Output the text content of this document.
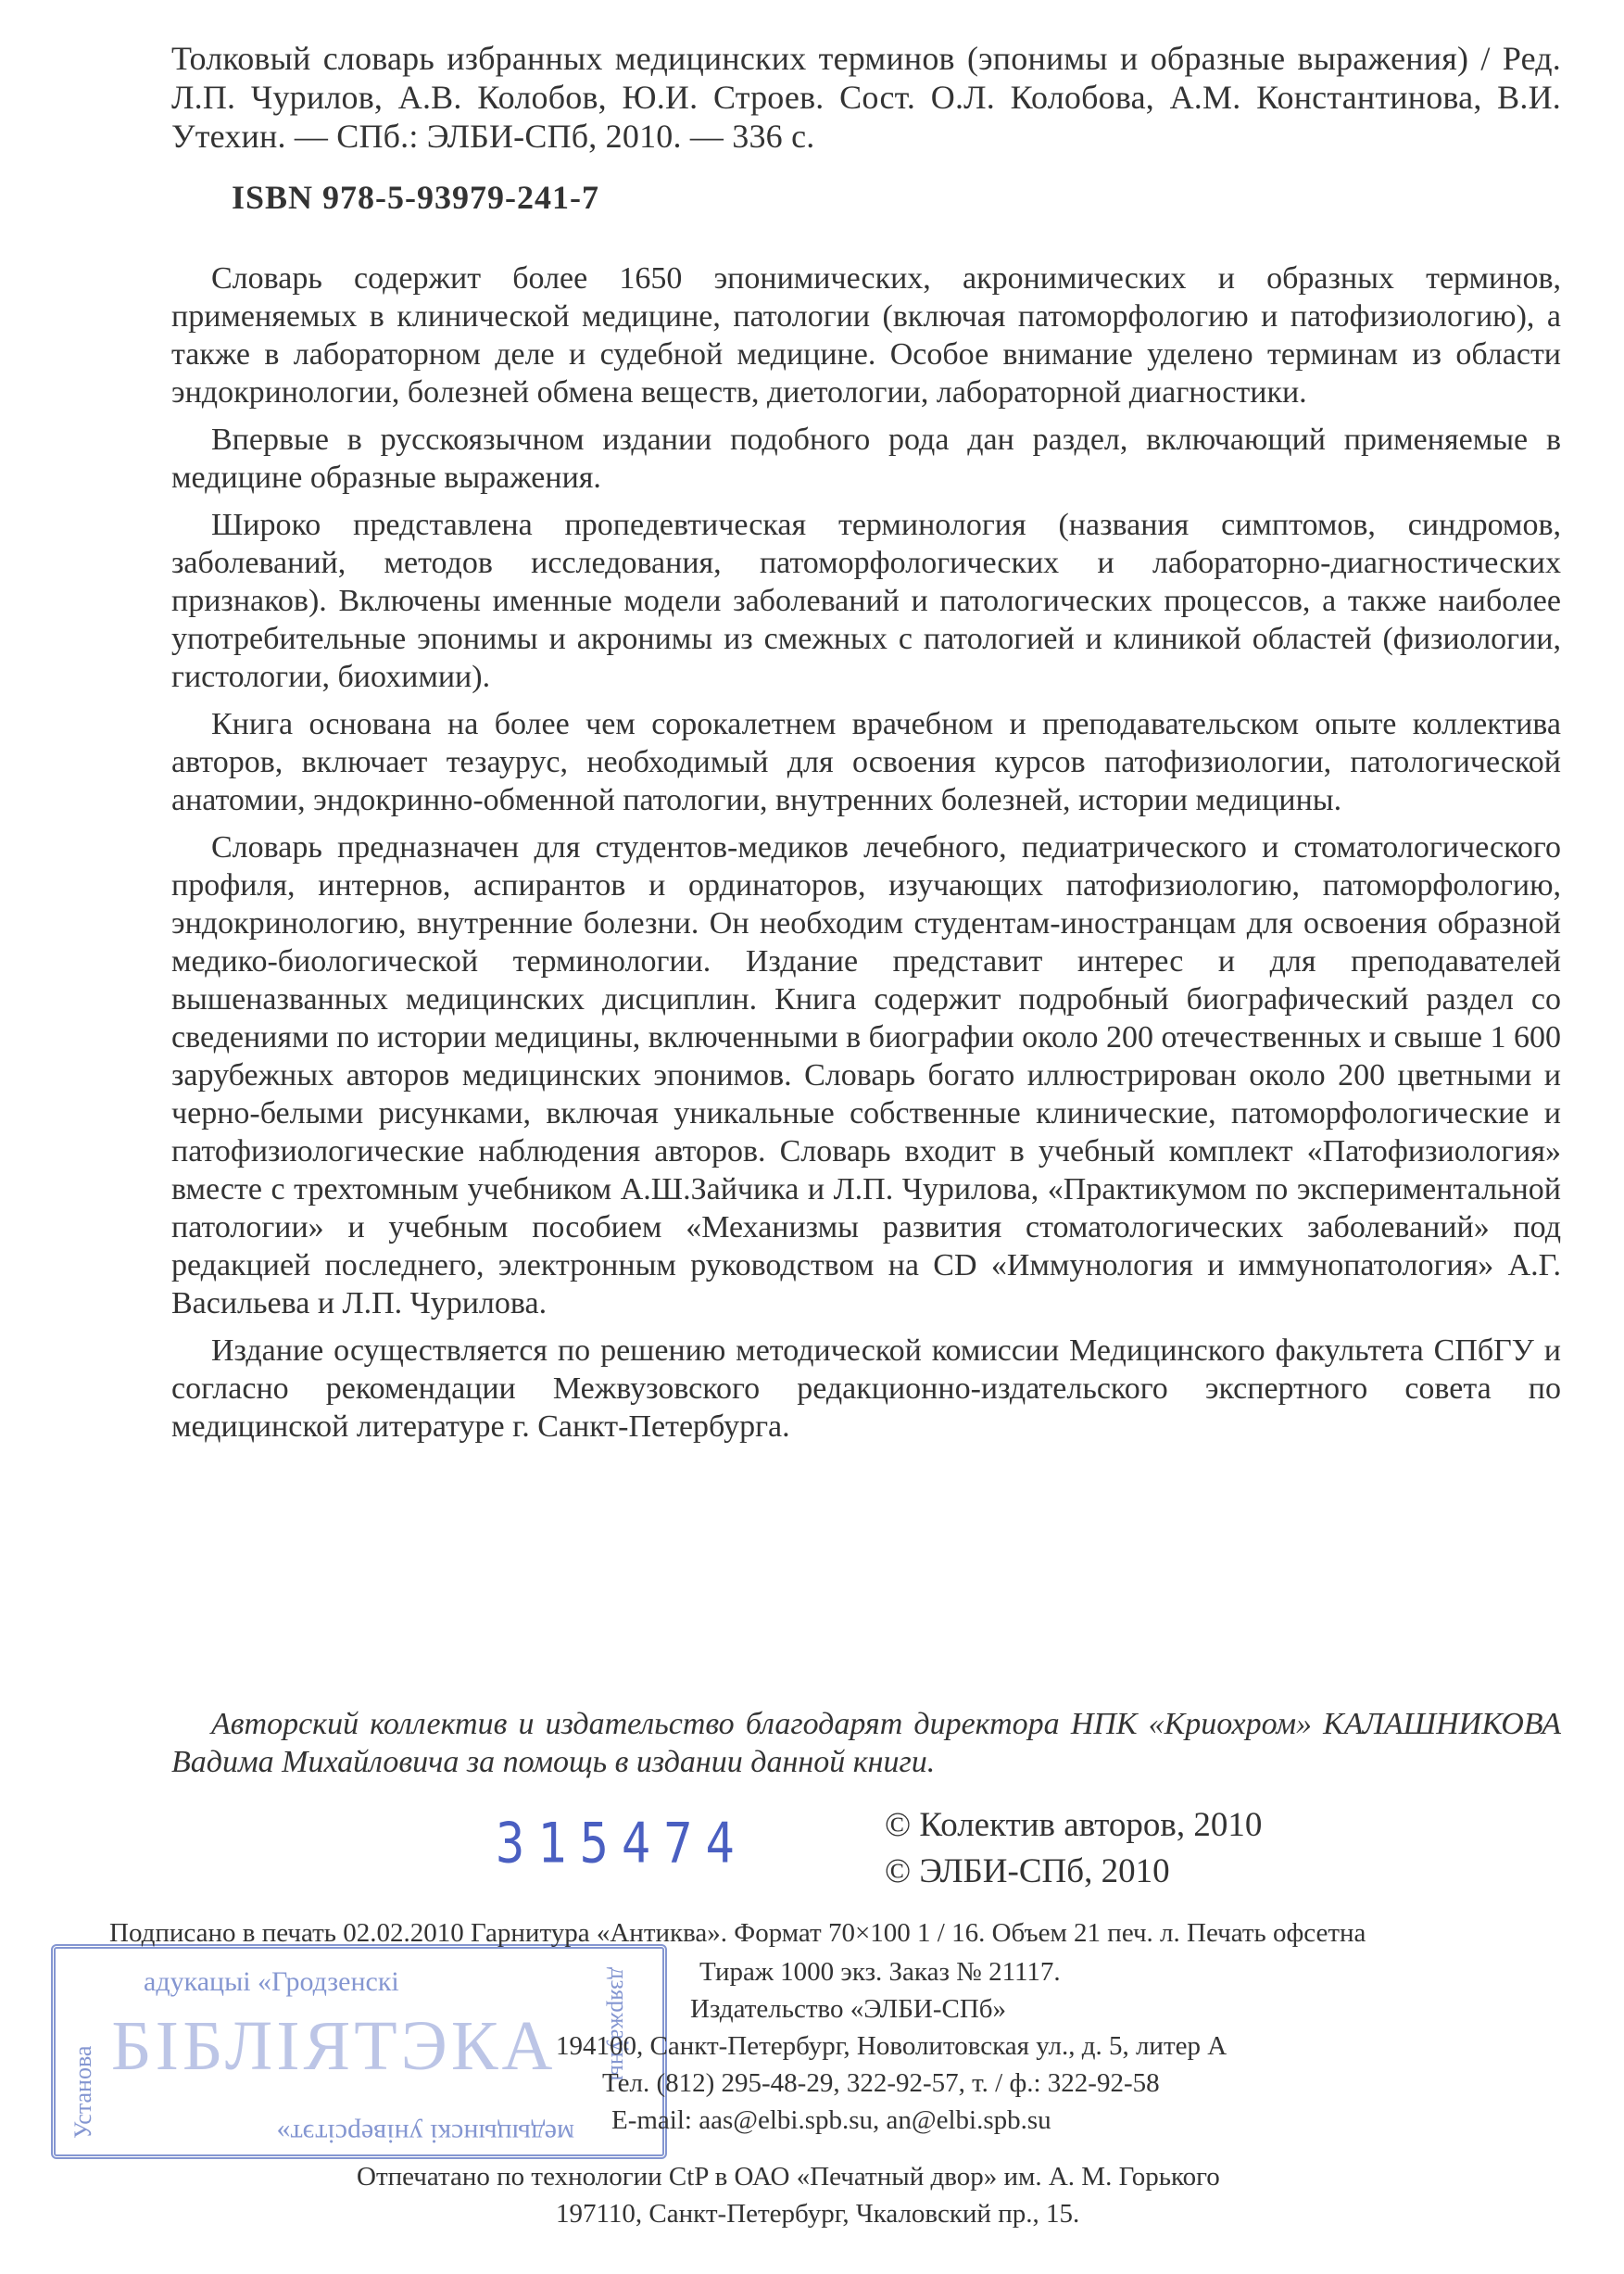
Толковый словарь избранных медицинских терминов (эпонимы и образные выражения) / Ред. Л.П. Чурилов, А.В. Колобов, Ю.И. Строев. Сост. О.Л. Колобова, А.М. Константинова, В.И. Утехин. — СПб.: ЭЛБИ-СПб, 2010. — 336 с.
ISBN 978-5-93979-241-7

Словарь содержит более 1650 эпонимических, акронимических и образных терминов, применяемых в клинической медицине, патологии (включая патоморфологию и патофизиологию), а также в лабораторном деле и судебной медицине. Особое внимание уделено терминам из области эндокринологии, болезней обмена веществ, диетологии, лабораторной диагностики.

Впервые в русскоязычном издании подобного рода дан раздел, включающий применяемые в медицине образные выражения.

Широко представлена пропедевтическая терминология (названия симптомов, синдромов, заболеваний, методов исследования, патоморфологических и лабораторно-диагностических признаков). Включены именные модели заболеваний и патологических процессов, а также наиболее употребительные эпонимы и акронимы из смежных с патологией и клиникой областей (физиологии, гистологии, биохимии).

Книга основана на более чем сорокалетнем врачебном и преподавательском опыте коллектива авторов, включает тезаурус, необходимый для освоения курсов патофизиологии, патологической анатомии, эндокринно-обменной патологии, внутренних болезней, истории медицины.

Словарь предназначен для студентов-медиков лечебного, педиатрического и стоматологического профиля, интернов, аспирантов и ординаторов, изучающих патофизиологию, патоморфологию, эндокринологию, внутренние болезни. Он необходим студентам-иностранцам для освоения образной медико-биологической терминологии. Издание представит интерес и для преподавателей вышеназванных медицинских дисциплин. Книга содержит подробный биографический раздел со сведениями по истории медицины, включенными в биографии около 200 отечественных и свыше 1 600 зарубежных авторов медицинских эпонимов. Словарь богато иллюстрирован около 200 цветными и черно-белыми рисунками, включая уникальные собственные клинические, патоморфологические и патофизиологические наблюдения авторов. Словарь входит в учебный комплект «Патофизиология» вместе с трехтомным учебником А.Ш.Зайчика и Л.П. Чурилова, «Практикумом по экспериментальной патологии» и учебным пособием «Механизмы развития стоматологических заболеваний» под редакцией последнего, электронным руководством на CD «Иммунология и иммунопатология» А.Г. Васильева и Л.П. Чурилова.

Издание осуществляется по решению методической комиссии Медицинского факультета СПбГУ и согласно рекомендации Межвузовского редакционно-издательского экспертного совета по медицинской литературе г. Санкт-Петербурга.

Авторский коллектив и издательство благодарят директора НПК «Криохром» КАЛАШНИКОВА Вадима Михайловича за помощь в издании данной книги.

315474	© Колектив авторов, 2010
© ЭЛБИ-СПб, 2010
адукацыі «Гродзенскі
Установа
дзяржаўны
БІБЛІЯТЭКА
медыцынскі універсітэт»
Подписано в печать 02.02.2010 Гарнитура «Антиква». Формат 70×100 1 / 16. Объем 21 печ. л. Печать офсетна
Тираж 1000 экз. Заказ № 21117.
Издательство «ЭЛБИ-СПб»
194100, Санкт-Петербург, Новолитовская ул., д. 5, литер А
Тел. (812) 295-48-29, 322-92-57, т. / ф.: 322-92-58
E-mail: aas@elbi.spb.su, an@elbi.spb.su
Отпечатано по технологии CtP в ОАО «Печатный двор» им. А. М. Горького
197110, Санкт-Петербург, Чкаловский пр., 15.
